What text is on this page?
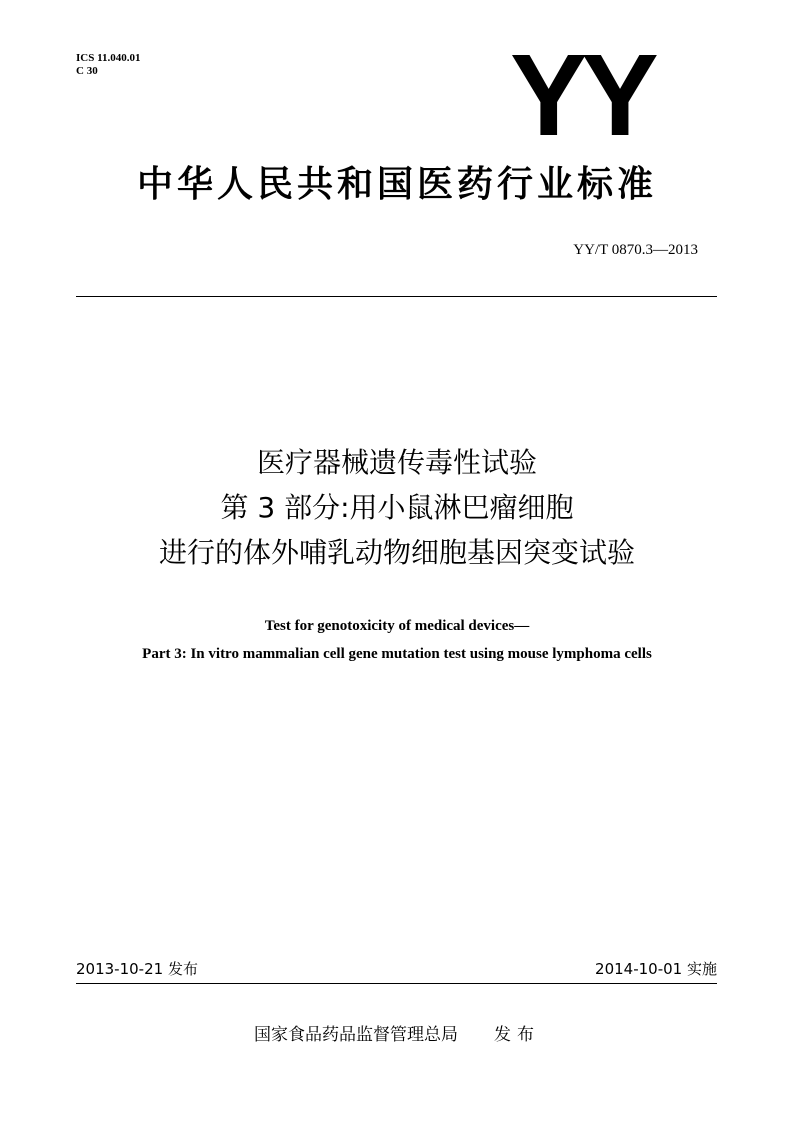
ICS 11.040.01
C 30	YY
中华人民共和国医药行业标准
YY/T 0870.3—2013
医疗器械遗传毒性试验
第 3 部分:用小鼠淋巴瘤细胞
进行的体外哺乳动物细胞基因突变试验
Test for genotoxicity of medical devices—
Part 3: In vitro mammalian cell gene mutation test using mouse lymphoma cells
2013-10-21 发布	2014-10-01 实施
国家食品药品监督管理总局 发布
